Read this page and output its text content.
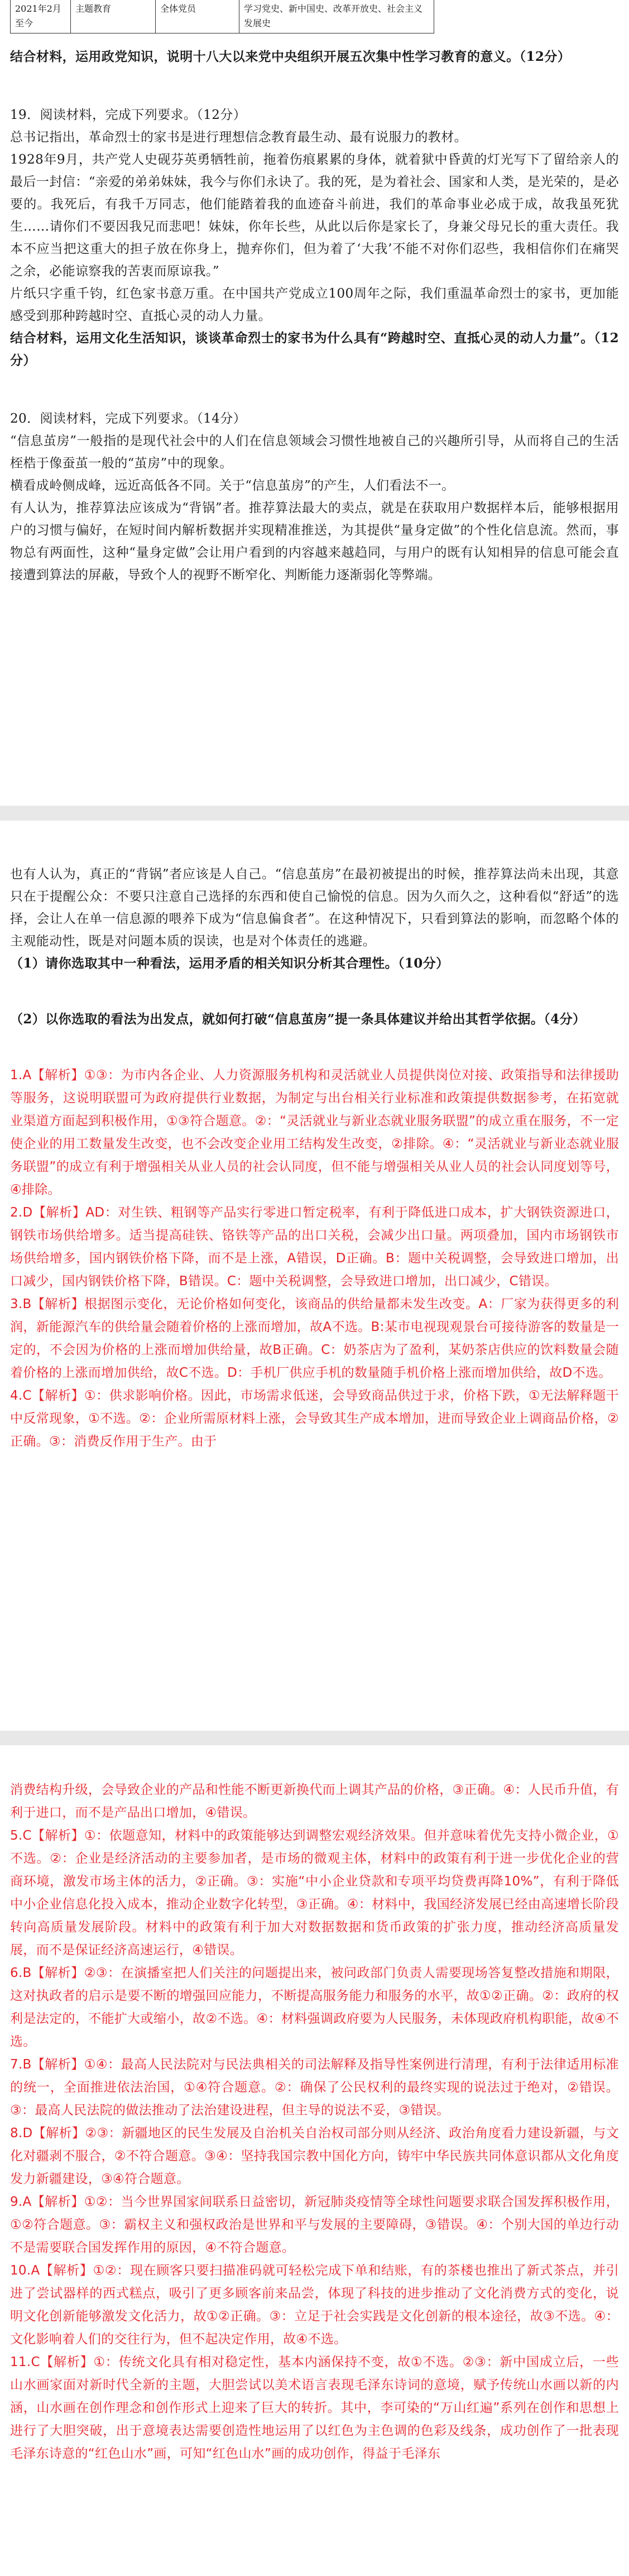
2021年2月至今	主题教育	全体党员	学习党史、新中国史、改革开放史、社会主义发展史

结合材料，运用政党知识，说明十八大以来党中央组织开展五次集中性学习教育的意义。（12分）

19．阅读材料，完成下列要求。（12分）

总书记指出，革命烈士的家书是进行理想信念教育最生动、最有说服力的教材。

1928年9月，共产党人史砚芬英勇牺牲前，拖着伤痕累累的身体，就着狱中昏黄的灯光写下了留给亲人的最后一封信：“亲爱的弟弟妹妹，我今与你们永诀了。我的死，是为着社会、国家和人类，是光荣的，是必要的。我死后，有我千万同志，他们能踏着我的血迹奋斗前进，我们的革命事业必成于成，故我虽死犹生……请你们不要因我兄而悲吧！妹妹，你年长些，从此以后你是家长了，身兼父母兄长的重大责任。我本不应当把这重大的担子放在你身上，抛弃你们，但为着了‘大我’不能不对你们忍些，我相信你们在痛哭之余，必能谅察我的苦衷而原谅我。”

片纸只字重千钧，红色家书意万重。在中国共产党成立100周年之际，我们重温革命烈士的家书，更加能感受到那种跨越时空、直抵心灵的动人力量。

结合材料，运用文化生活知识，谈谈革命烈士的家书为什么具有“跨越时空、直抵心灵的动人力量”。（12分）

20．阅读材料，完成下列要求。（14分）

“信息茧房”一般指的是现代社会中的人们在信息领域会习惯性地被自己的兴趣所引导，从而将自己的生活桎梏于像蚕茧一般的“茧房”中的现象。

横看成岭侧成峰，远近高低各不同。关于“信息茧房”的产生，人们看法不一。

有人认为，推荐算法应该成为“背锅”者。推荐算法最大的卖点，就是在获取用户数据样本后，能够根据用户的习惯与偏好，在短时间内解析数据并实现精准推送，为其提供“量身定做”的个性化信息流。然而，事物总有两面性，这种“量身定做”会让用户看到的内容越来越趋同，与用户的既有认知相异的信息可能会直接遭到算法的屏蔽，导致个人的视野不断窄化、判断能力逐渐弱化等弊端。

也有人认为，真正的“背锅”者应该是人自己。“信息茧房”在最初被提出的时候，推荐算法尚未出现，其意只在于提醒公众：不要只注意自己选择的东西和使自己愉悦的信息。因为久而久之，这种看似“舒适”的选择，会让人在单一信息源的喂养下成为“信息偏食者”。在这种情况下，只看到算法的影响，而忽略个体的主观能动性，既是对问题本质的误读，也是对个体责任的逃避。

（1）请你选取其中一种看法，运用矛盾的相关知识分析其合理性。（10分）

（2）以你选取的看法为出发点，就如何打破“信息茧房”提一条具体建议并给出其哲学依据。（4分）

1.A【解析】①③：为市内各企业、人力资源服务机构和灵活就业人员提供岗位对接、政策指导和法律援助等服务，这说明联盟可为政府提供行业数据，为制定与出台相关行业标准和政策提供数据参考，在拓宽就业渠道方面起到积极作用，①③符合题意。②：“灵活就业与新业态就业服务联盟”的成立重在服务，不一定使企业的用工数量发生改变，也不会改变企业用工结构发生改变，②排除。④：“灵活就业与新业态就业服务联盟”的成立有利于增强相关从业人员的社会认同度，但不能与增强相关从业人员的社会认同度划等号，④排除。

2.D【解析】AD：对生铁、粗钢等产品实行零进口暂定税率，有利于降低进口成本，扩大钢铁资源进口，钢铁市场供给增多。适当提高硅铁、铬铁等产品的出口关税，会减少出口量。两项叠加，国内市场钢铁市场供给增多，国内钢铁价格下降，而不是上涨，A错误，D正确。B：题中关税调整，会导致进口增加，出口减少，国内钢铁价格下降，B错误。C：题中关税调整，会导致进口增加，出口减少，C错误。

3.B【解析】根据图示变化，无论价格如何变化，该商品的供给量都未发生改变。A：厂家为获得更多的利润，新能源汽车的供给量会随着价格的上涨而增加，故A不选。B:某市电视现观景台可接待游客的数量是一定的，不会因为价格的上涨而增加供给量，故B正确。C：奶茶店为了盈利，某奶茶店供应的饮料数量会随着价格的上涨而增加供给，故C不选。D：手机厂供应手机的数量随手机价格上涨而增加供给，故D不选。

4.C【解析】①：供求影响价格。因此，市场需求低迷，会导致商品供过于求，价格下跌，①无法解释题干中反常现象，①不选。②：企业所需原材料上涨，会导致其生产成本增加，进而导致企业上调商品价格，②正确。③：消费反作用于生产。由于

消费结构升级，会导致企业的产品和性能不断更新换代而上调其产品的价格，③正确。④：人民币升值，有利于进口，而不是产品出口增加，④错误。

5.C【解析】①：依题意知，材料中的政策能够达到调整宏观经济效果。但并意味着优先支持小微企业，①不选。②：企业是经济活动的主要参加者，是市场的微观主体，材料中的政策有利于进一步优化企业的营商环境，激发市场主体的活力，②正确。③：实施“中小企业贷款和专项平均贷费再降10%”，有利于降低中小企业信息化投入成本，推动企业数字化转型，③正确。④：材料中，我国经济发展已经由高速增长阶段转向高质量发展阶段。材料中的政策有利于加大对数据数据和货币政策的扩张力度，推动经济高质量发展，而不是保证经济高速运行，④错误。

6.B【解析】②③：在演播室把人们关注的问题提出来，被问政部门负责人需要现场答复整改措施和期限，这对执政者的启示是要不断的增强回应能力，不断提高服务能力和服务的水平，故①②正确。②：政府的权利是法定的，不能扩大或缩小，故②不选。④：材料强调政府要为人民服务，未体现政府机构职能，故④不选。

7.B【解析】①④：最高人民法院对与民法典相关的司法解释及指导性案例进行清理，有利于法律适用标准的统一，全面推进依法治国，①④符合题意。②：确保了公民权利的最终实现的说法过于绝对，②错误。③：最高人民法院的做法推动了法治建设进程，但主导的说法不妥，③错误。

8.D【解析】②③：新疆地区的民生发展及自治机关自治权司部分则从经济、政治角度看力建设新疆，与文化对疆剥不服合，②不符合题意。③④：坚持我国宗教中国化方向，铸牢中华民族共同体意识都从文化角度发力新疆建设，③④符合题意。

9.A【解析】①②：当今世界国家间联系日益密切，新冠肺炎疫情等全球性问题要求联合国发挥积极作用，①②符合题意。③：霸权主义和强权政治是世界和平与发展的主要障碍，③错误。④：个别大国的单边行动不是需要联合国发挥作用的原因，④不符合题意。

10.A【解析】①②：现在顾客只要扫描准码就可轻松完成下单和结账，有的茶楼也推出了新式茶点，并引进了尝试器样的西式糕点，吸引了更多顾客前来品尝，体现了科技的进步推动了文化消费方式的变化，说明文化创新能够激发文化活力，故①②正确。③：立足于社会实践是文化创新的根本途径，故③不选。④：文化影响着人们的交往行为，但不起决定作用，故④不选。

11.C【解析】①：传统文化具有相对稳定性，基本内涵保持不变，故①不选。②③：新中国成立后，一些山水画家面对新时代全新的主题，大胆尝试以美术语言表现毛泽东诗词的意境，赋予传统山水画以新的内涵，山水画在创作理念和创作形式上迎来了巨大的转折。其中，李可染的“万山红遍”系列在创作和思想上进行了大胆突破，出于意境表达需要创造性地运用了以红色为主色调的色彩及线条，成功创作了一批表现毛泽东诗意的“红色山水”画，可知“红色山水”画的成功创作，得益于毛泽东
